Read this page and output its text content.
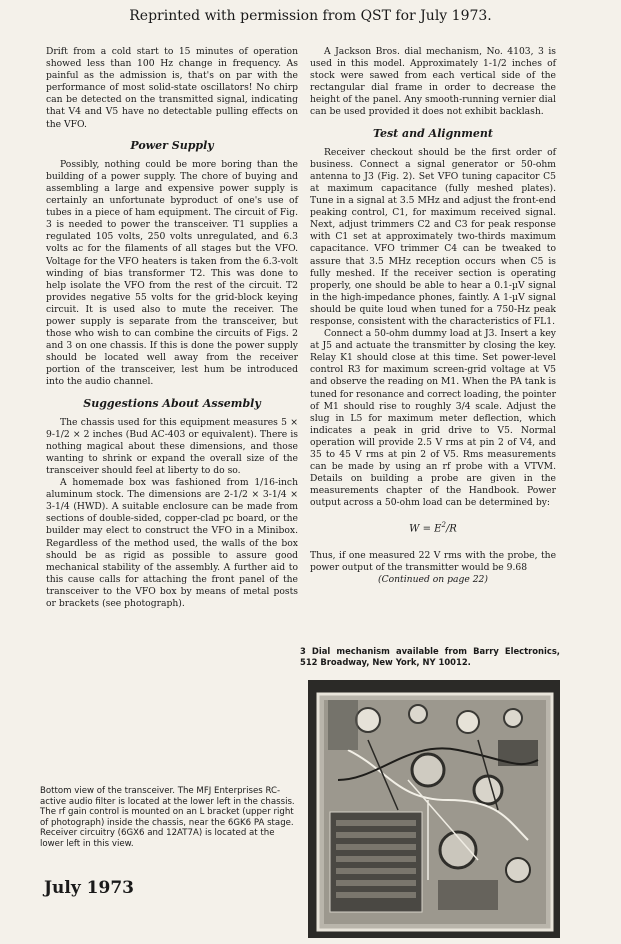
Reprinted with permission from QST for July 1973.

Drift from a cold start to 15 minutes of operation showed less than 100 Hz change in frequency. As painful as the admission is, that's on par with the performance of most solid-state oscillators! No chirp can be detected on the transmitted signal, indicating that V4 and V5 have no detectable pulling effects on the VFO.

Power Supply

Possibly, nothing could be more boring than the building of a power supply. The chore of buying and assembling a large and expensive power supply is certainly an unfortunate byproduct of one's use of tubes in a piece of ham equipment. The circuit of Fig. 3 is needed to power the transceiver. T1 supplies a regulated 105 volts, 250 volts unregulated, and 6.3 volts ac for the filaments of all stages but the VFO. Voltage for the VFO heaters is taken from the 6.3-volt winding of bias transformer T2. This was done to help isolate the VFO from the rest of the circuit. T2 provides negative 55 volts for the grid-block keying circuit. It is used also to mute the receiver. The power supply is separate from the transceiver, but those who wish to can combine the circuits of Figs. 2 and 3 on one chassis. If this is done the power supply should be located well away from the receiver portion of the transceiver, lest hum be introduced into the audio channel.

Suggestions About Assembly

The chassis used for this equipment measures 5 × 9-1/2 × 2 inches (Bud AC-403 or equivalent). There is nothing magical about these dimensions, and those wanting to shrink or expand the overall size of the transceiver should feel at liberty to do so.

A homemade box was fashioned from 1/16-inch aluminum stock. The dimensions are 2-1/2 × 3-1/4 × 3-1/4 (HWD). A suitable enclosure can be made from sections of double-sided, copper-clad pc board, or the builder may elect to construct the VFO in a Minibox. Regardless of the method used, the walls of the box should be as rigid as possible to assure good mechanical stability of the assembly. A further aid to this cause calls for attaching the front panel of the transceiver to the VFO box by means of metal posts or brackets (see photograph).

A Jackson Bros. dial mechanism, No. 4103, 3 is used in this model. Approximately 1-1/2 inches of stock were sawed from each vertical side of the rectangular dial frame in order to decrease the height of the panel. Any smooth-running vernier dial can be used provided it does not exhibit backlash.

Test and Alignment

Receiver checkout should be the first order of business. Connect a signal generator or 50-ohm antenna to J3 (Fig. 2). Set VFO tuning capacitor C5 at maximum capacitance (fully meshed plates). Tune in a signal at 3.5 MHz and adjust the front-end peaking control, C1, for maximum received signal. Next, adjust trimmers C2 and C3 for peak response with C1 set at approximately two-thirds maximum capacitance. VFO trimmer C4 can be tweaked to assure that 3.5 MHz reception occurs when C5 is fully meshed. If the receiver section is operating properly, one should be able to hear a 0.1-µV signal in the high-impedance phones, faintly. A 1-µV signal should be quite loud when tuned for a 750-Hz peak response, consistent with the characteristics of FL1.

Connect a 50-ohm dummy load at J3. Insert a key at J5 and actuate the transmitter by closing the key. Relay K1 should close at this time. Set power-level control R3 for maximum screen-grid voltage at V5 and observe the reading on M1. When the PA tank is tuned for resonance and correct loading, the pointer of M1 should rise to roughly 3/4 scale. Adjust the slug in L5 for maximum meter deflection, which indicates a peak in grid drive to V5. Normal operation will provide 2.5 V rms at pin 2 of V4, and 35 to 45 V rms at pin 2 of V5. Rms measurements can be made by using an rf probe with a VTVM. Details on building a probe are given in the measurements chapter of the Handbook. Power output across a 50-ohm load can be determined by:

$W = E^2/R$

Thus, if one measured 22 V rms with the probe, the power output of the transmitter would be 9.68

(Continued on page 22)
3 Dial mechanism available from Barry Electronics, 512 Broadway, New York, NY 10012.
Bottom view of the transceiver. The MFJ Enterprises RC-active audio filter is located at the lower left in the chassis. The rf gain control is mounted on an L bracket (upper right of photograph) inside the chassis, near the 6GK6 PA stage. Receiver circuitry (6GX6 and 12AT7A) is located at the lower left in this view.
July 1973
